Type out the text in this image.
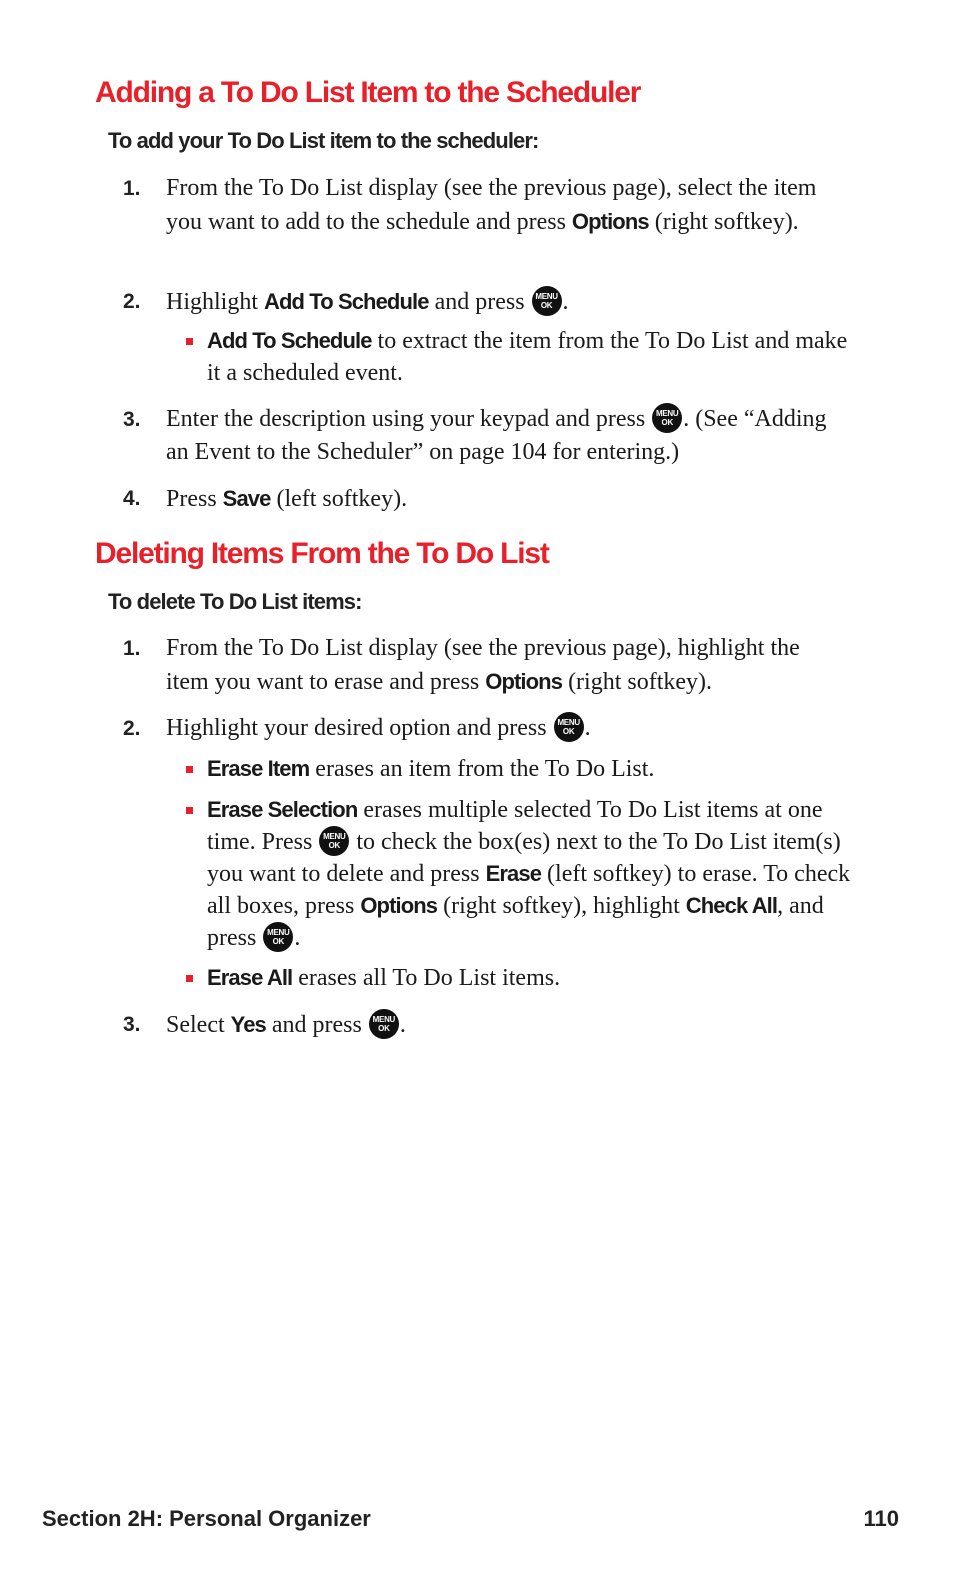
Adding a To Do List Item to the Scheduler
To add your To Do List item to the scheduler:
1. From the To Do List display (see the previous page), select the item you want to add to the schedule and press Options (right softkey).
2. Highlight Add To Schedule and press MENU OK.
Add To Schedule to extract the item from the To Do List and make it a scheduled event.
3. Enter the description using your keypad and press MENU OK. (See “Adding an Event to the Scheduler” on page 104 for entering.)
4. Press Save (left softkey).
Deleting Items From the To Do List
To delete To Do List items:
1. From the To Do List display (see the previous page), highlight the item you want to erase and press Options (right softkey).
2. Highlight your desired option and press MENU OK.
Erase Item erases an item from the To Do List.
Erase Selection erases multiple selected To Do List items at one time. Press MENU OK to check the box(es) next to the To Do List item(s) you want to delete and press Erase (left softkey) to erase. To check all boxes, press Options (right softkey), highlight Check All, and press MENU OK.
Erase All erases all To Do List items.
3. Select Yes and press MENU OK.
Section 2H: Personal Organizer	110
